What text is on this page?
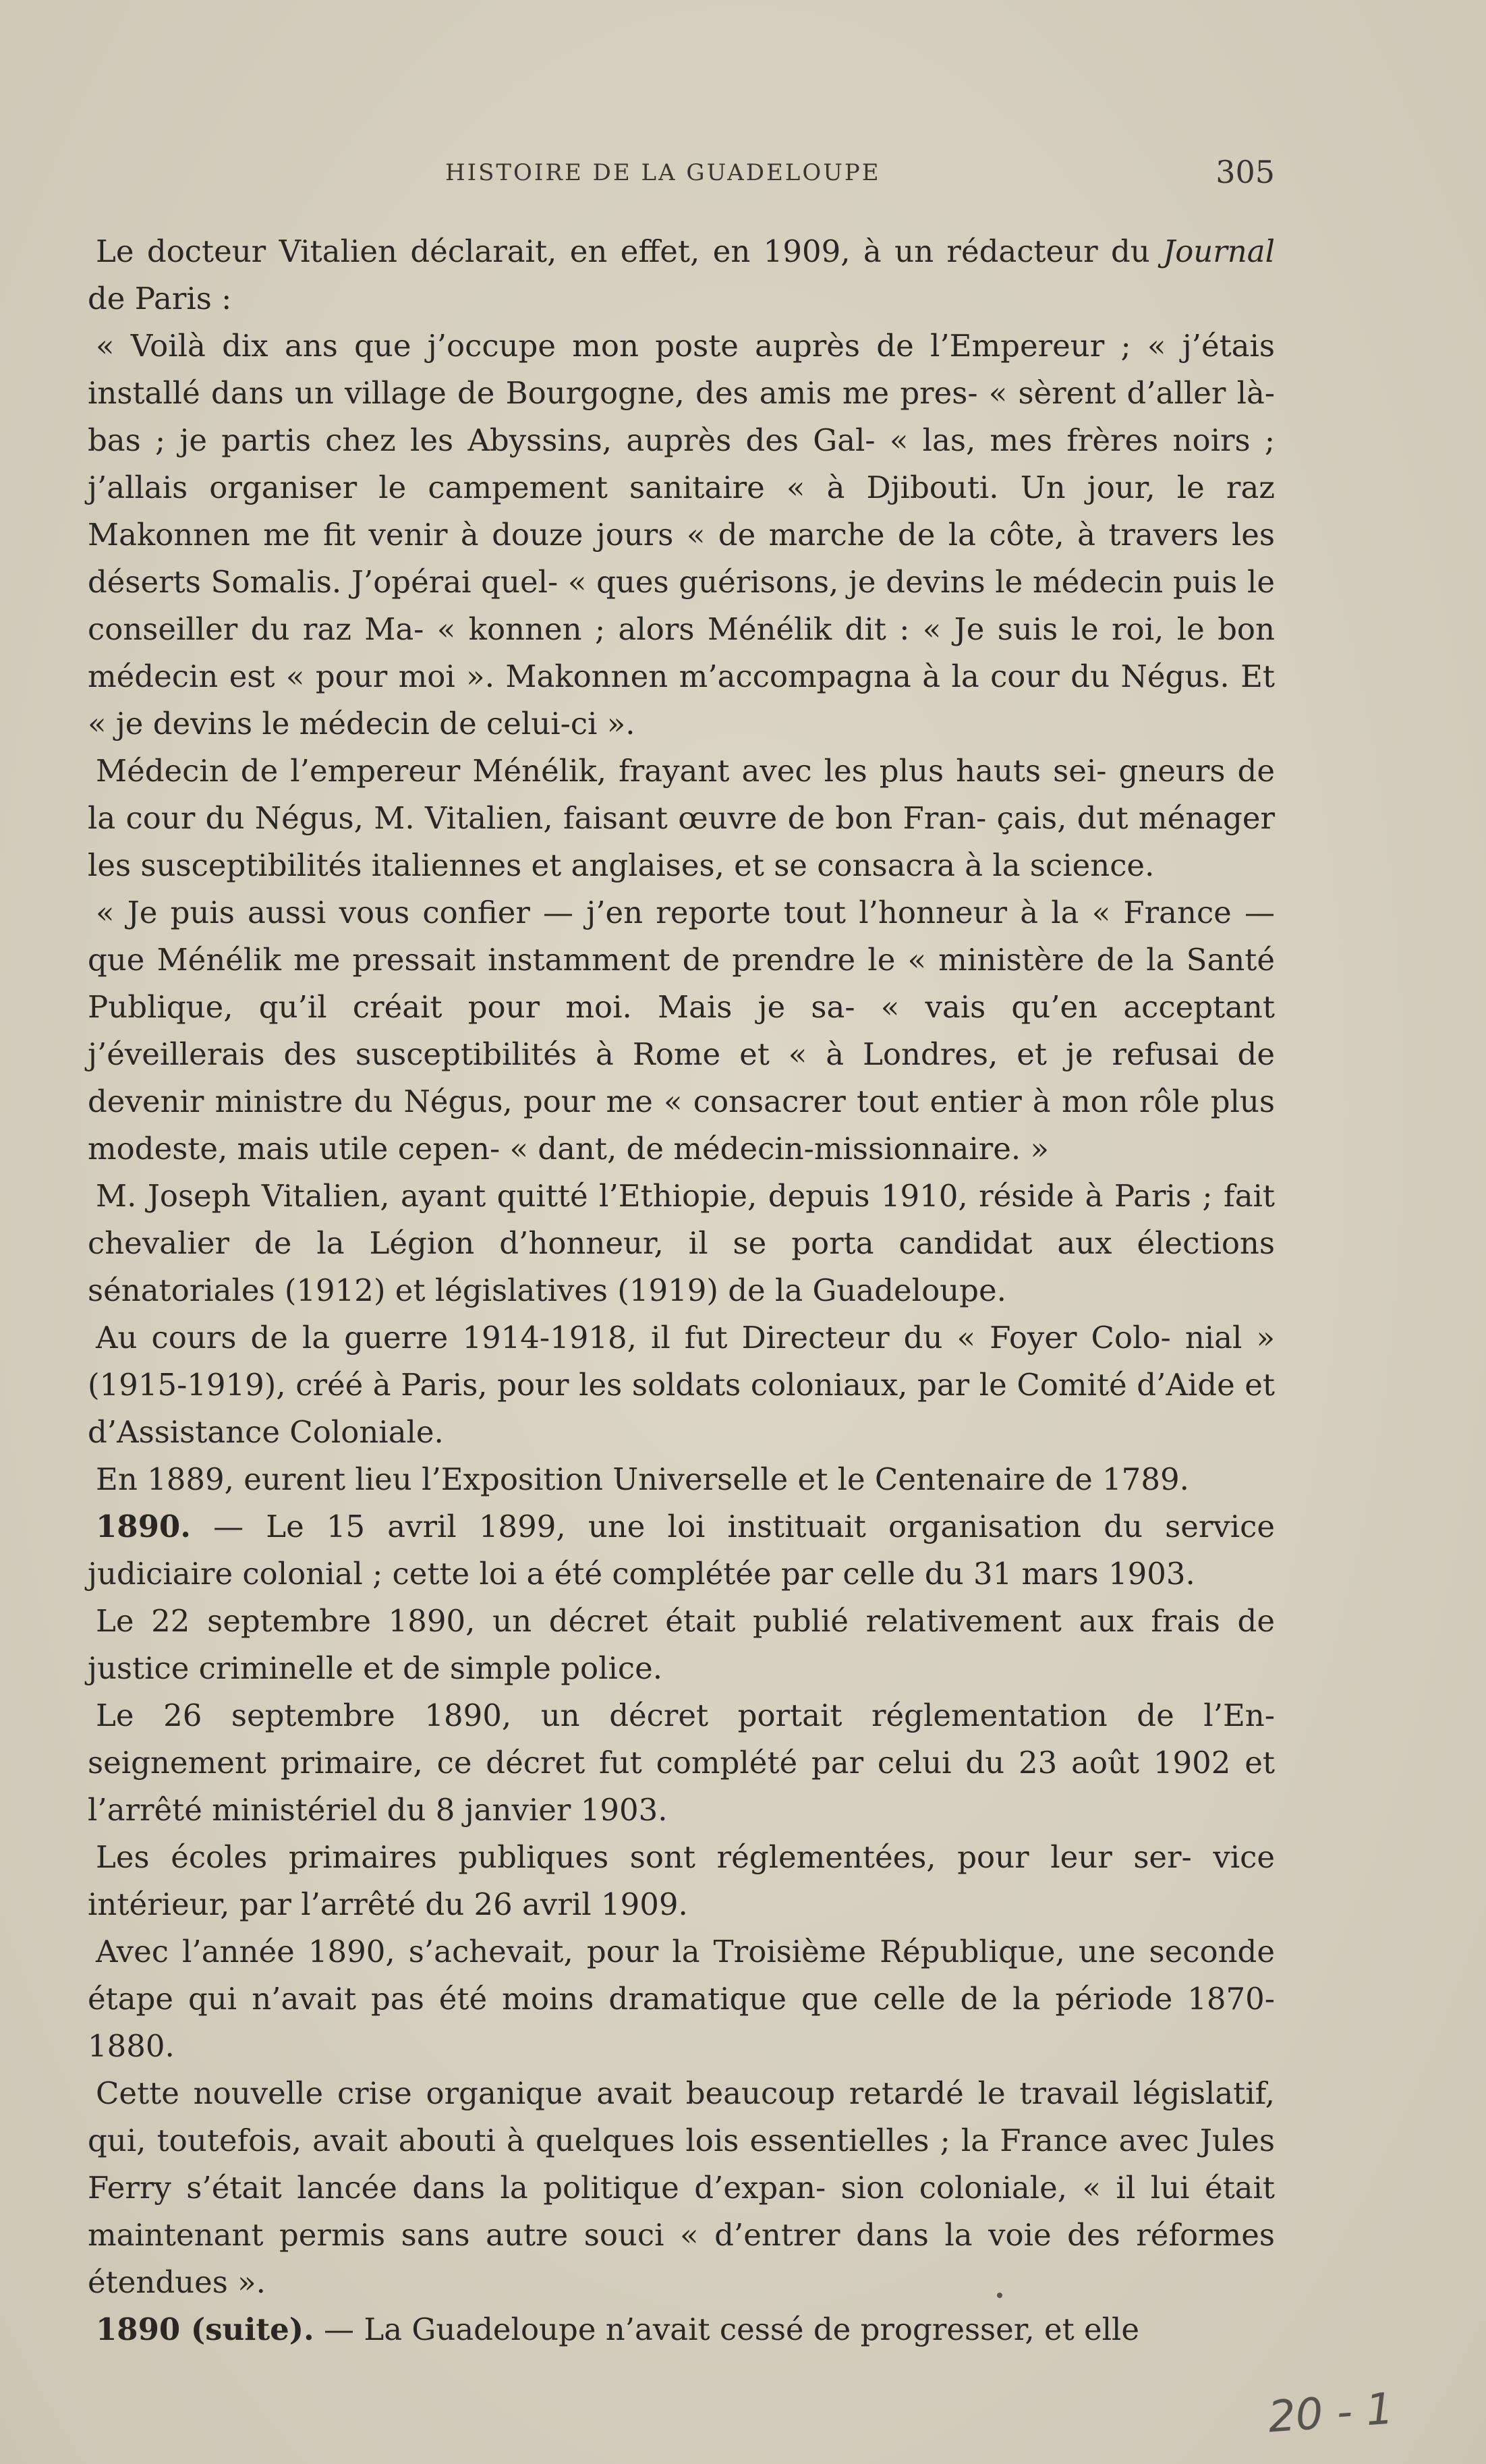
HISTOIRE DE LA GUADELOUPE	305

Le docteur Vitalien déclarait, en effet, en 1909, à un rédacteur du Journal de Paris :

« Voilà dix ans que j’occupe mon poste auprès de l’Empereur ; « j’étais installé dans un village de Bourgogne, des amis me pres- « sèrent d’aller là-bas ; je partis chez les Abyssins, auprès des Gal- « las, mes frères noirs ; j’allais organiser le campement sanitaire « à Djibouti. Un jour, le raz Makonnen me fit venir à douze jours « de marche de la côte, à travers les déserts Somalis. J’opérai quel- « ques guérisons, je devins le médecin puis le conseiller du raz Ma- « konnen ; alors Ménélik dit : « Je suis le roi, le bon médecin est « pour moi ». Makonnen m’accompagna à la cour du Négus. Et « je devins le médecin de celui-ci ».

Médecin de l’empereur Ménélik, frayant avec les plus hauts sei- gneurs de la cour du Négus, M. Vitalien, faisant œuvre de bon Fran- çais, dut ménager les susceptibilités italiennes et anglaises, et se consacra à la science.

« Je puis aussi vous confier — j’en reporte tout l’honneur à la « France — que Ménélik me pressait instamment de prendre le « ministère de la Santé Publique, qu’il créait pour moi. Mais je sa- « vais qu’en acceptant j’éveillerais des susceptibilités à Rome et « à Londres, et je refusai de devenir ministre du Négus, pour me « consacrer tout entier à mon rôle plus modeste, mais utile cepen- « dant, de médecin-missionnaire. »

M. Joseph Vitalien, ayant quitté l’Ethiopie, depuis 1910, réside à Paris ; fait chevalier de la Légion d’honneur, il se porta candidat aux élections sénatoriales (1912) et législatives (1919) de la Guadeloupe.

Au cours de la guerre 1914-1918, il fut Directeur du « Foyer Colo- nial » (1915-1919), créé à Paris, pour les soldats coloniaux, par le Comité d’Aide et d’Assistance Coloniale.

En 1889, eurent lieu l’Exposition Universelle et le Centenaire de 1789.

1890. — Le 15 avril 1899, une loi instituait organisation du service judiciaire colonial ; cette loi a été complétée par celle du 31 mars 1903.

Le 22 septembre 1890, un décret était publié relativement aux frais de justice criminelle et de simple police.

Le 26 septembre 1890, un décret portait réglementation de l’En- seignement primaire, ce décret fut complété par celui du 23 août 1902 et l’arrêté ministériel du 8 janvier 1903.

Les écoles primaires publiques sont réglementées, pour leur ser- vice intérieur, par l’arrêté du 26 avril 1909.

Avec l’année 1890, s’achevait, pour la Troisième République, une seconde étape qui n’avait pas été moins dramatique que celle de la période 1870-1880.

Cette nouvelle crise organique avait beaucoup retardé le travail législatif, qui, toutefois, avait abouti à quelques lois essentielles ; la France avec Jules Ferry s’était lancée dans la politique d’expan- sion coloniale, « il lui était maintenant permis sans autre souci « d’entrer dans la voie des réformes étendues ».

1890 (suite). — La Guadeloupe n’avait cessé de progresser, et elle

20 - 1
